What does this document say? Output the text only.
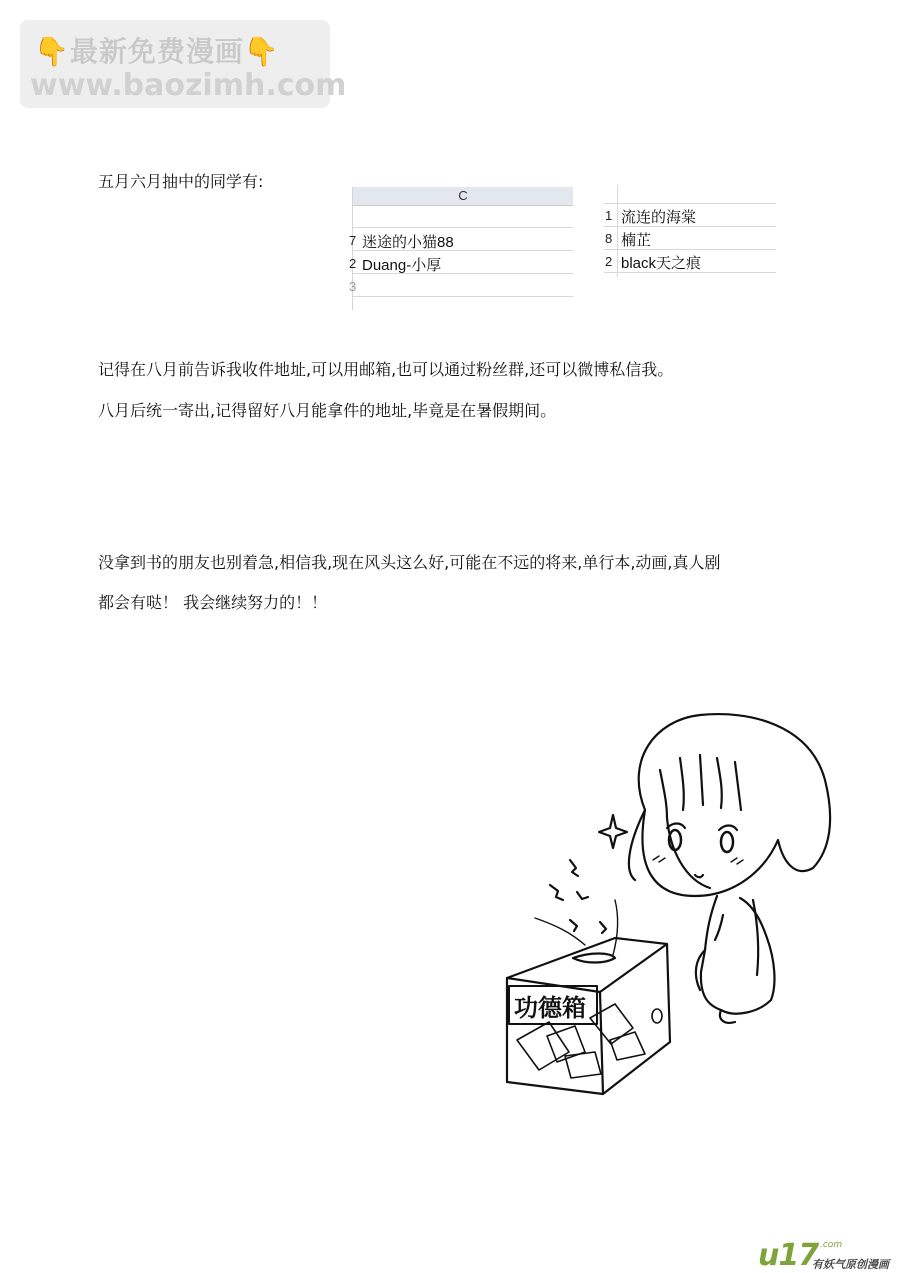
👇最新免费漫画👇
www.baozimh.com
五月六月抽中的同学有:
C
7
2
3
迷途的小猫88
Duang-小厚
1
8
2
流连的海棠
楠芷
black天之痕
记得在八月前告诉我收件地址,可以用邮箱,也可以通过粉丝群,还可以微博私信我。
八月后统一寄出,记得留好八月能拿件的地址,毕竟是在暑假期间。
没拿到书的朋友也别着急,相信我,现在风头这么好,可能在不远的将来,单行本,动画,真人剧
都会有哒！ 我会继续努力的！！
功德箱
u17 .com
有妖气原创漫画
